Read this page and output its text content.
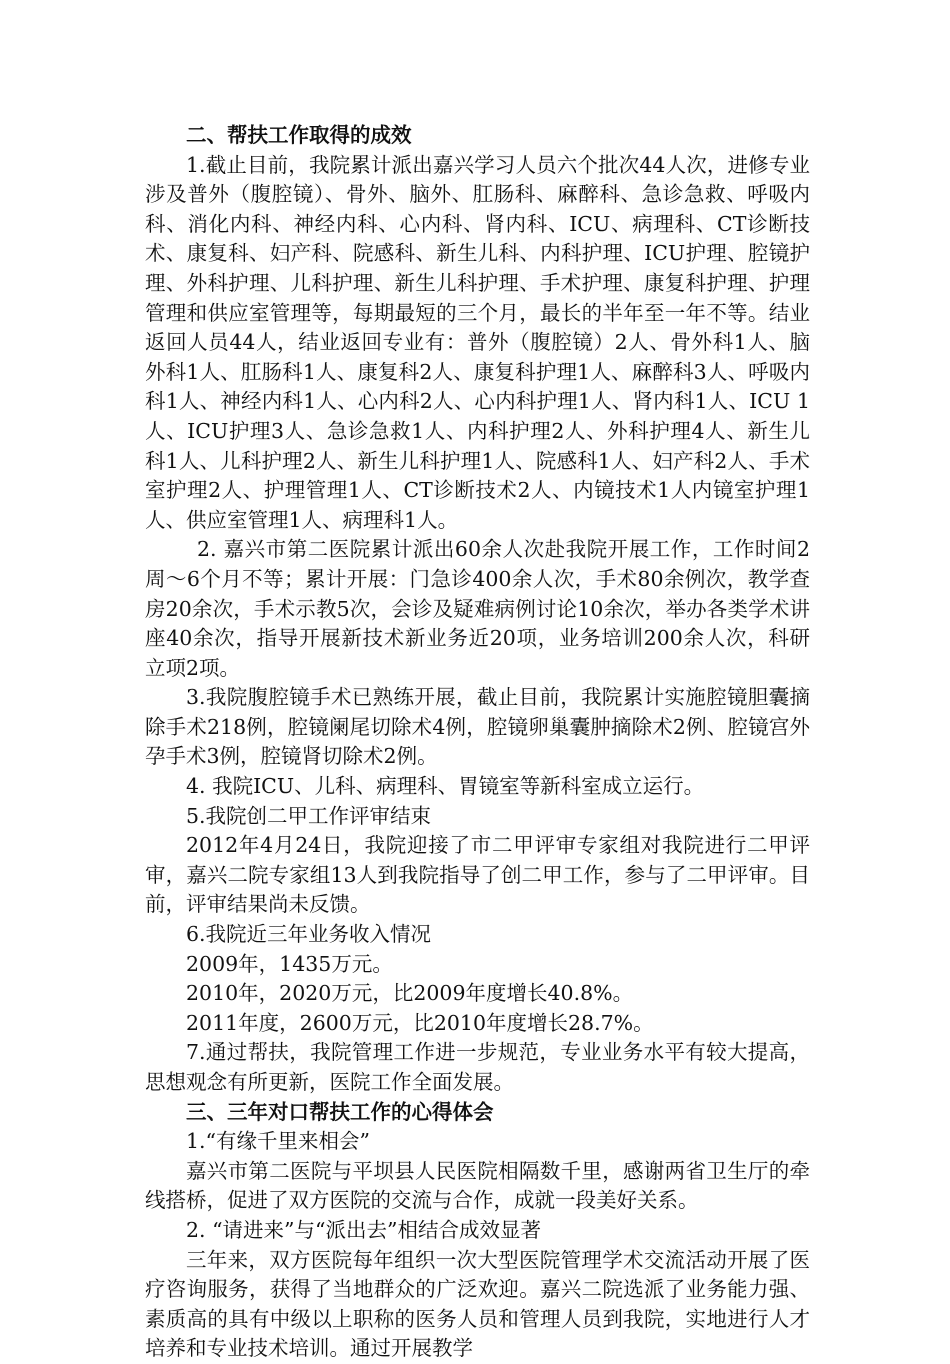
二、帮扶工作取得的成效

1.截止目前，我院累计派出嘉兴学习人员六个批次44人次，进修专业涉及普外（腹腔镜）、骨外、脑外、肛肠科、麻醉科、急诊急救、呼吸内科、消化内科、神经内科、心内科、肾内科、ICU、病理科、CT诊断技术、康复科、妇产科、院感科、新生儿科、内科护理、ICU护理、腔镜护理、外科护理、儿科护理、新生儿科护理、手术护理、康复科护理、护理管理和供应室管理等，每期最短的三个月，最长的半年至一年不等。结业返回人员44人，结业返回专业有：普外（腹腔镜）2人、骨外科1人、脑外科1人、肛肠科1人、康复科2人、康复科护理1人、麻醉科3人、呼吸内科1人、神经内科1人、心内科2人、心内科护理1人、肾内科1人、ICU 1人、ICU护理3人、急诊急救1人、内科护理2人、外科护理4人、新生儿科1人、儿科护理2人、新生儿科护理1人、院感科1人、妇产科2人、手术室护理2人、护理管理1人、CT诊断技术2人、内镜技术1人内镜室护理1人、供应室管理1人、病理科1人。

2. 嘉兴市第二医院累计派出60余人次赴我院开展工作，工作时间2周～6个月不等；累计开展：门急诊400余人次，手术80余例次，教学查房20余次，手术示教5次，会诊及疑难病例讨论10余次，举办各类学术讲座40余次，指导开展新技术新业务近20项，业务培训200余人次，科研立项2项。

3.我院腹腔镜手术已熟练开展，截止目前，我院累计实施腔镜胆囊摘除手术218例，腔镜阑尾切除术4例，腔镜卵巢囊肿摘除术2例、腔镜宫外孕手术3例，腔镜肾切除术2例。

4. 我院ICU、儿科、病理科、胃镜室等新科室成立运行。

5.我院创二甲工作评审结束

2012年4月24日，我院迎接了市二甲评审专家组对我院进行二甲评审，嘉兴二院专家组13人到我院指导了创二甲工作，参与了二甲评审。目前，评审结果尚未反馈。

6.我院近三年业务收入情况

2009年，1435万元。

2010年，2020万元，比2009年度增长40.8%。

2011年度，2600万元，比2010年度增长28.7%。

7.通过帮扶，我院管理工作进一步规范，专业业务水平有较大提高，思想观念有所更新，医院工作全面发展。

三、三年对口帮扶工作的心得体会

1.“有缘千里来相会”

嘉兴市第二医院与平坝县人民医院相隔数千里，感谢两省卫生厅的牵线搭桥，促进了双方医院的交流与合作，成就一段美好关系。

2. “请进来”与“派出去”相结合成效显著

三年来，双方医院每年组织一次大型医院管理学术交流活动开展了医疗咨询服务，获得了当地群众的广泛欢迎。嘉兴二院选派了业务能力强、素质高的具有中级以上职称的医务人员和管理人员到我院，实地进行人才培养和专业技术培训。通过开展教学
